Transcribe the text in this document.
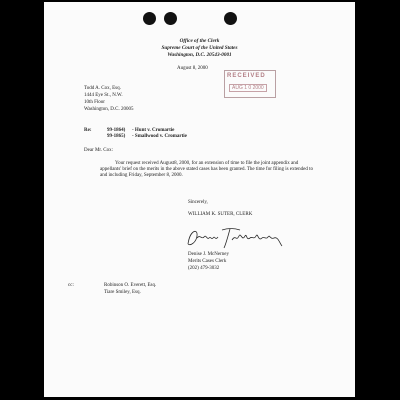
Office of the Clerk
Supreme Court of the United States
Washington, D.C. 20543-0001
August 8, 2000
RECEIVED
AUG 1 0 2000
Todd A. Cox, Esq.
1444 Eye St., N.W.
10th Floor
Washington, D.C. 20005
Re:	99-1864) - Hunt v. Cromartie
99-1865) - Smallwood v. Cromartie
Dear Mr. Cox:
Your request received August8, 2000, for an extension of time to file the joint appendix and appellants' brief on the merits in the above stated cases has been granted. The time for filing is extended to and including Friday, September 8, 2000.
Sincerely,
WILLIAM K. SUTER, CLERK
Denise J. McNerney
Merits Cases Clerk
(202) 479-3032
cc:	Robinson O. Everett, Esq.
Tiare Smiley, Esq.
